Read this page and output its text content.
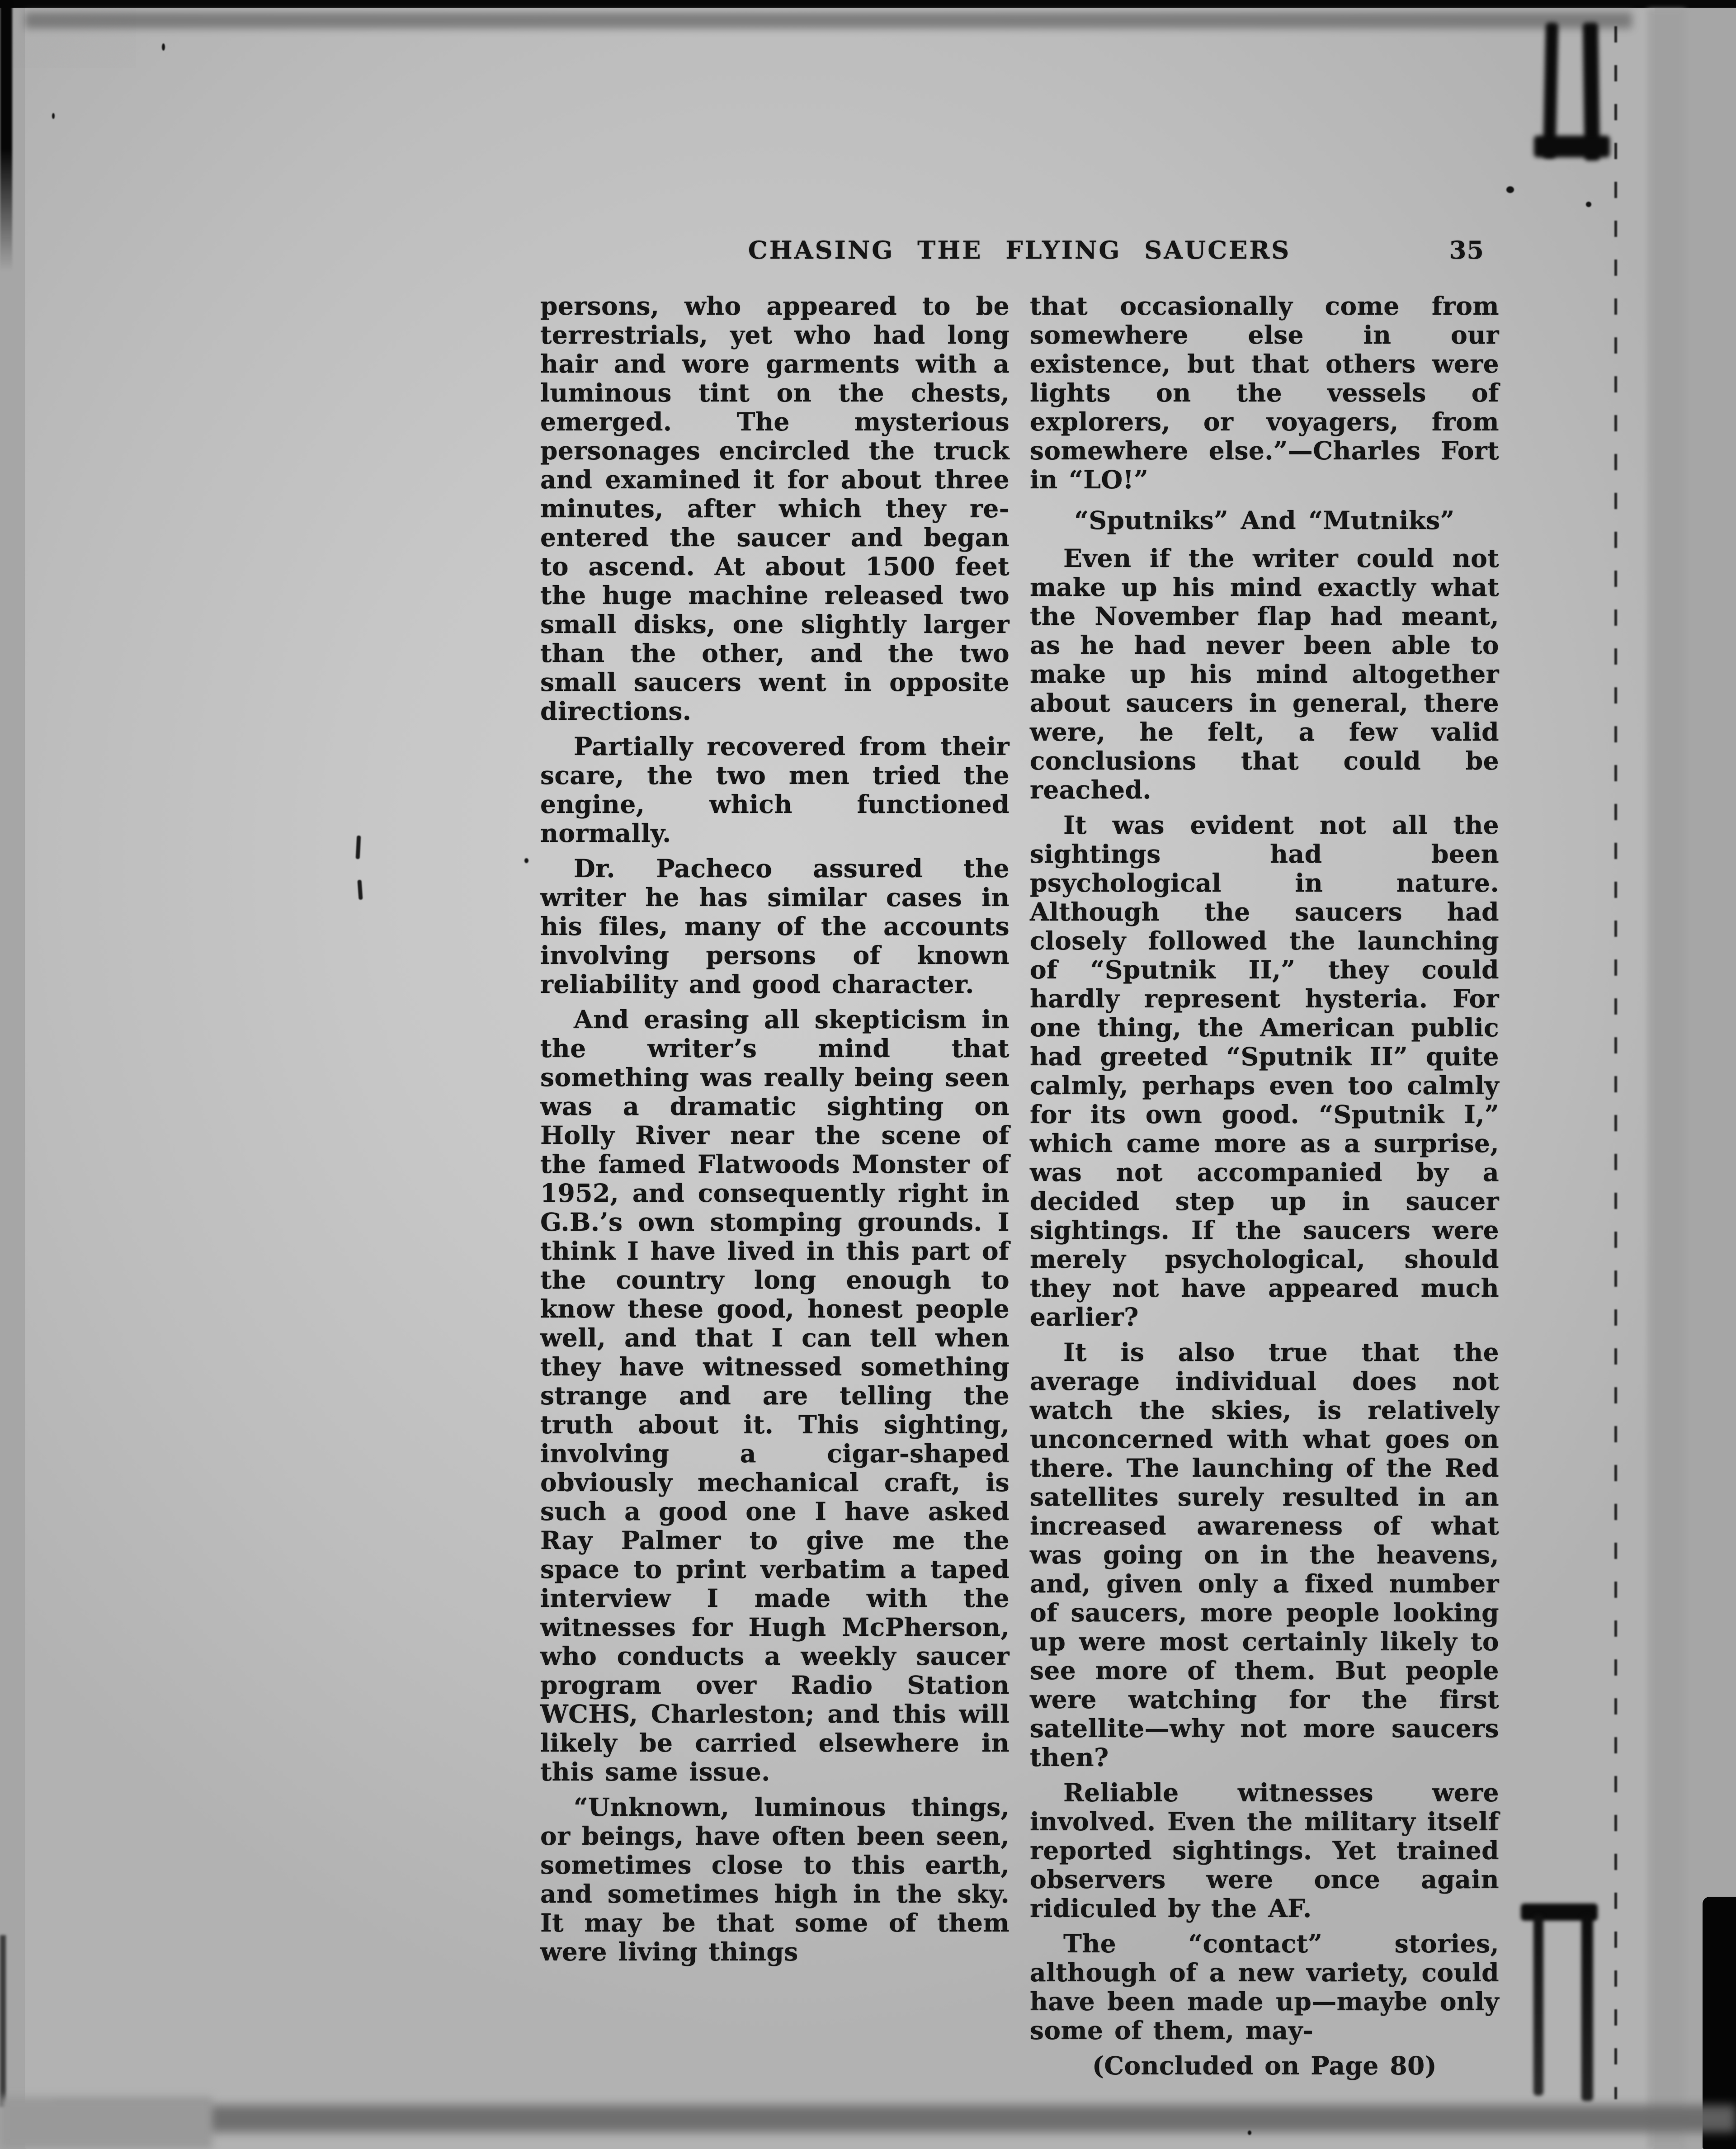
CHASING THE FLYING SAUCERS	35

persons, who appeared to be terrestrials, yet who had long hair and wore garments with a luminous tint on the chests, emerged. The mysterious personages encircled the truck and examined it for about three minutes, after which they re-entered the saucer and began to ascend. At about 1500 feet the huge machine released two small disks, one slightly larger than the other, and the two small saucers went in opposite directions.

Partially recovered from their scare, the two men tried the engine, which functioned normally.

Dr. Pacheco assured the writer he has similar cases in his files, many of the accounts involving persons of known reliability and good character.

And erasing all skepticism in the writer’s mind that something was really being seen was a dramatic sighting on Holly River near the scene of the famed Flatwoods Monster of 1952, and consequently right in G.B.’s own stomping grounds. I think I have lived in this part of the country long enough to know these good, honest people well, and that I can tell when they have witnessed something strange and are telling the truth about it. This sighting, involving a cigar-shaped obviously mechanical craft, is such a good one I have asked Ray Palmer to give me the space to print verbatim a taped interview I made with the witnesses for Hugh McPherson, who conducts a weekly saucer program over Radio Station WCHS, Charleston; and this will likely be carried elsewhere in this same issue.

“Unknown, luminous things, or beings, have often been seen, sometimes close to this earth, and sometimes high in the sky. It may be that some of them were living things

that occasionally come from somewhere else in our existence, but that others were lights on the vessels of explorers, or voyagers, from somewhere else.”—Charles Fort in “LO!”

“Sputniks” And “Mutniks”

Even if the writer could not make up his mind exactly what the November flap had meant, as he had never been able to make up his mind altogether about saucers in general, there were, he felt, a few valid conclusions that could be reached.

It was evident not all the sightings had been psychological in nature. Although the saucers had closely followed the launching of “Sputnik II,” they could hardly represent hysteria. For one thing, the American public had greeted “Sputnik II” quite calmly, perhaps even too calmly for its own good. “Sputnik I,” which came more as a surprise, was not accompanied by a decided step up in saucer sightings. If the saucers were merely psychological, should they not have appeared much earlier?

It is also true that the average individual does not watch the skies, is relatively unconcerned with what goes on there. The launching of the Red satellites surely resulted in an increased awareness of what was going on in the heavens, and, given only a fixed number of saucers, more people looking up were most certainly likely to see more of them. But people were watching for the first satellite—why not more saucers then?

Reliable witnesses were involved. Even the military itself reported sightings. Yet trained observers were once again ridiculed by the AF.

The “contact” stories, although of a new variety, could have been made up—maybe only some of them, may-

(Concluded on Page 80)
